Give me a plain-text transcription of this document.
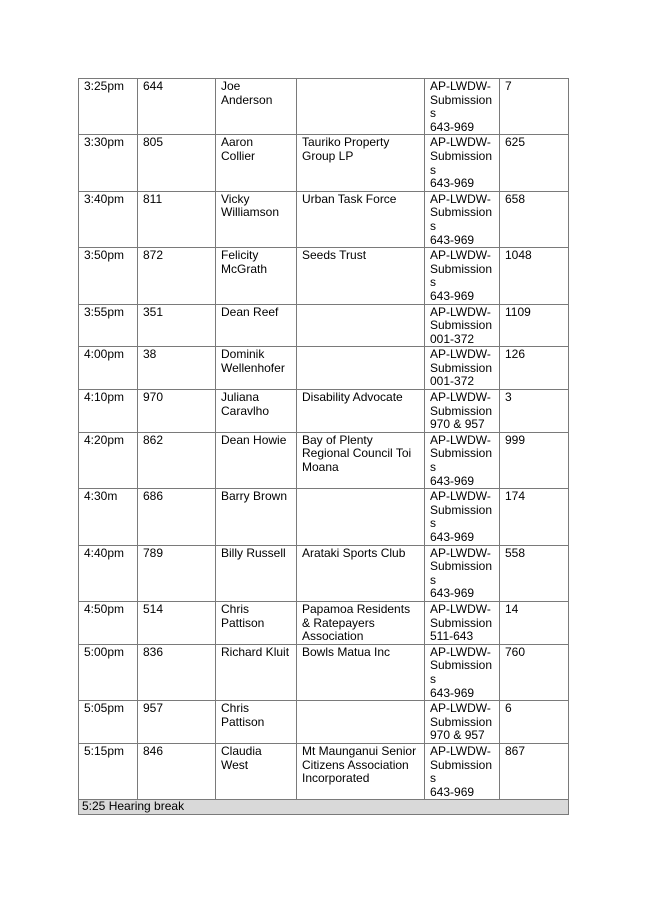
3:25pm	644	Joe
Anderson		AP-LWDW-
Submissions
643-969	7
3:30pm	805	Aaron
Collier	Tauriko Property
Group LP	AP-LWDW-
Submissions
643-969	625
3:40pm	811	Vicky
Williamson	Urban Task Force	AP-LWDW-
Submissions
643-969	658
3:50pm	872	Felicity
McGrath	Seeds Trust	AP-LWDW-
Submissions
643-969	1048
3:55pm	351	Dean Reef		AP-LWDW-
Submission
001-372	1109
4:00pm	38	Dominik
Wellenhofer		AP-LWDW-
Submission
001-372	126
4:10pm	970	Juliana
Caravlho	Disability Advocate	AP-LWDW-
Submission
970 & 957	3
4:20pm	862	Dean Howie	Bay of Plenty
Regional Council Toi
Moana	AP-LWDW-
Submissions
643-969	999
4:30m	686	Barry Brown		AP-LWDW-
Submissions
643-969	174
4:40pm	789	Billy Russell	Arataki Sports Club	AP-LWDW-
Submissions
643-969	558
4:50pm	514	Chris
Pattison	Papamoa Residents
& Ratepayers
Association	AP-LWDW-
Submission
511-643	14
5:00pm	836	Richard Kluit	Bowls Matua Inc	AP-LWDW-
Submissions
643-969	760
5:05pm	957	Chris
Pattison		AP-LWDW-
Submission
970 & 957	6
5:15pm	846	Claudia
West	Mt Maunganui Senior
Citizens Association
Incorporated	AP-LWDW-
Submissions
643-969	867
5:25 Hearing break					
